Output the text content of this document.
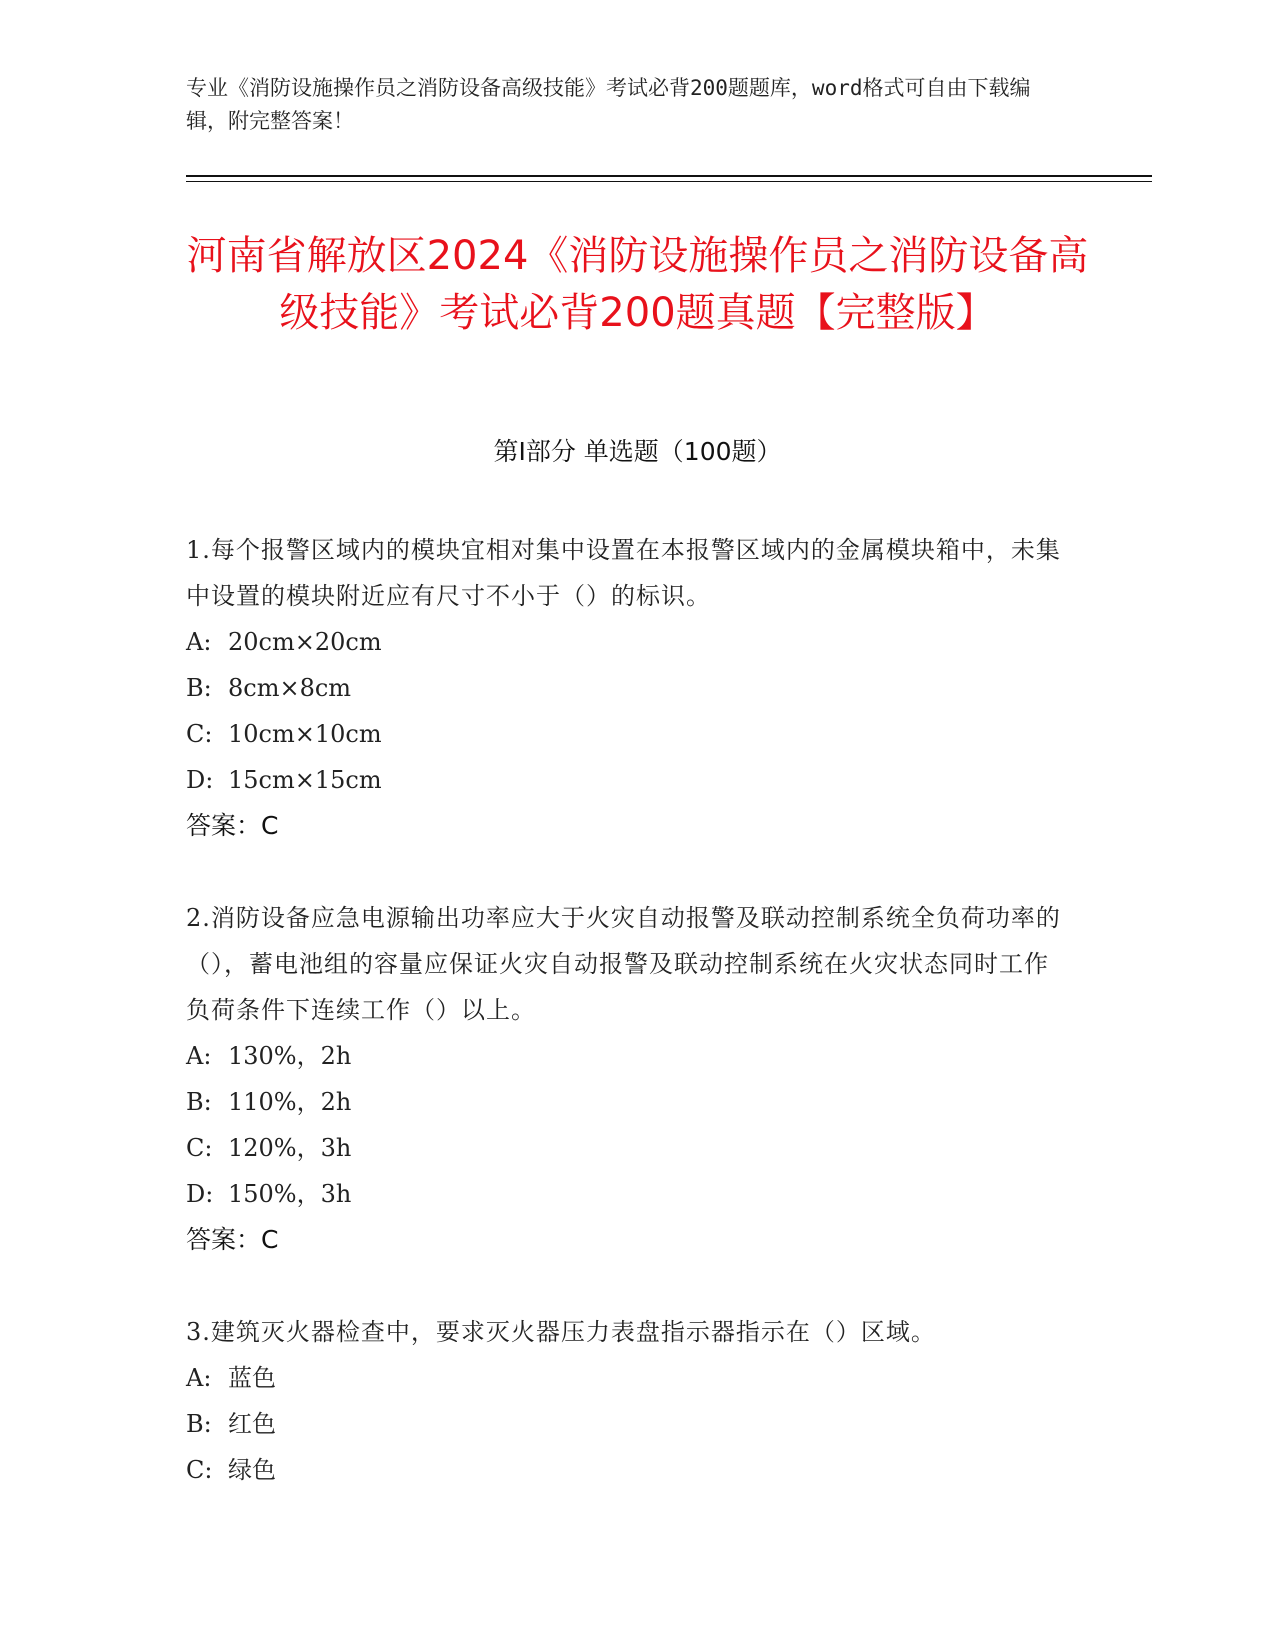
专业《消防设施操作员之消防设备高级技能》考试必背200题题库，word格式可自由下载编辑，附完整答案！
河南省解放区2024《消防设施操作员之消防设备高级技能》考试必背200题真题【完整版】
第I部分 单选题（100题）
1.每个报警区域内的模块宜相对集中设置在本报警区域内的金属模块箱中，未集中设置的模块附近应有尺寸不小于（）的标识。
A: 20cm×20cm
B: 8cm×8cm
C: 10cm×10cm
D: 15cm×15cm
答案：C
2.消防设备应急电源输出功率应大于火灾自动报警及联动控制系统全负荷功率的（），蓄电池组的容量应保证火灾自动报警及联动控制系统在火灾状态同时工作负荷条件下连续工作（）以上。
A: 130%，2h
B: 110%，2h
C: 120%，3h
D: 150%，3h
答案：C
3.建筑灭火器检查中，要求灭火器压力表盘指示器指示在（）区域。
A: 蓝色
B: 红色
C: 绿色
